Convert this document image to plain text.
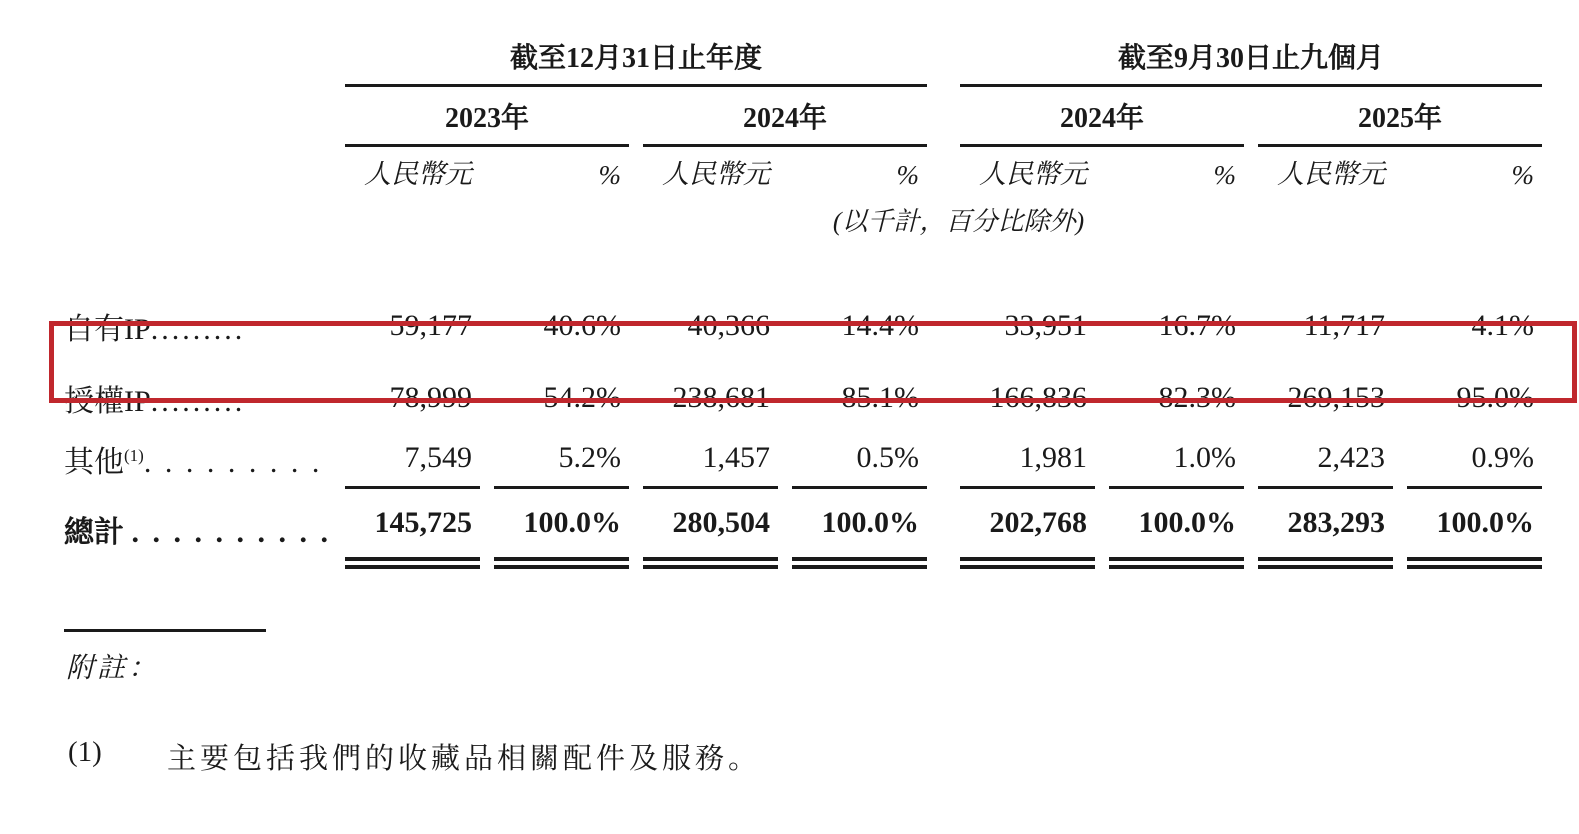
	截至12月31日止年度					截至9月30日止九個月			
	2023年		2024年			2024年		2025年	
	人民幣元	%	人民幣元	%		人民幣元	%	人民幣元	%
	(以千計，百分比除外)								

自有IP.........	59,177	40.6%	40,366	14.4%		33,951	16.7%	11,717	4.1%
授權IP.........	78,999	54.2%	238,681	85.1%		166,836	82.3%	269,153	95.0%
其他$^{(1)}$. . . . . . . . .	7,549	5.2%	1,457	0.5%		1,981	1.0%	2,423	0.9%
總計 . . . . . . . . . .	145,725	100.0%	280,504	100.0%		202,768	100.0%	283,293	100.0%
附註：
(1)	主要包括我們的收藏品相關配件及服務。
